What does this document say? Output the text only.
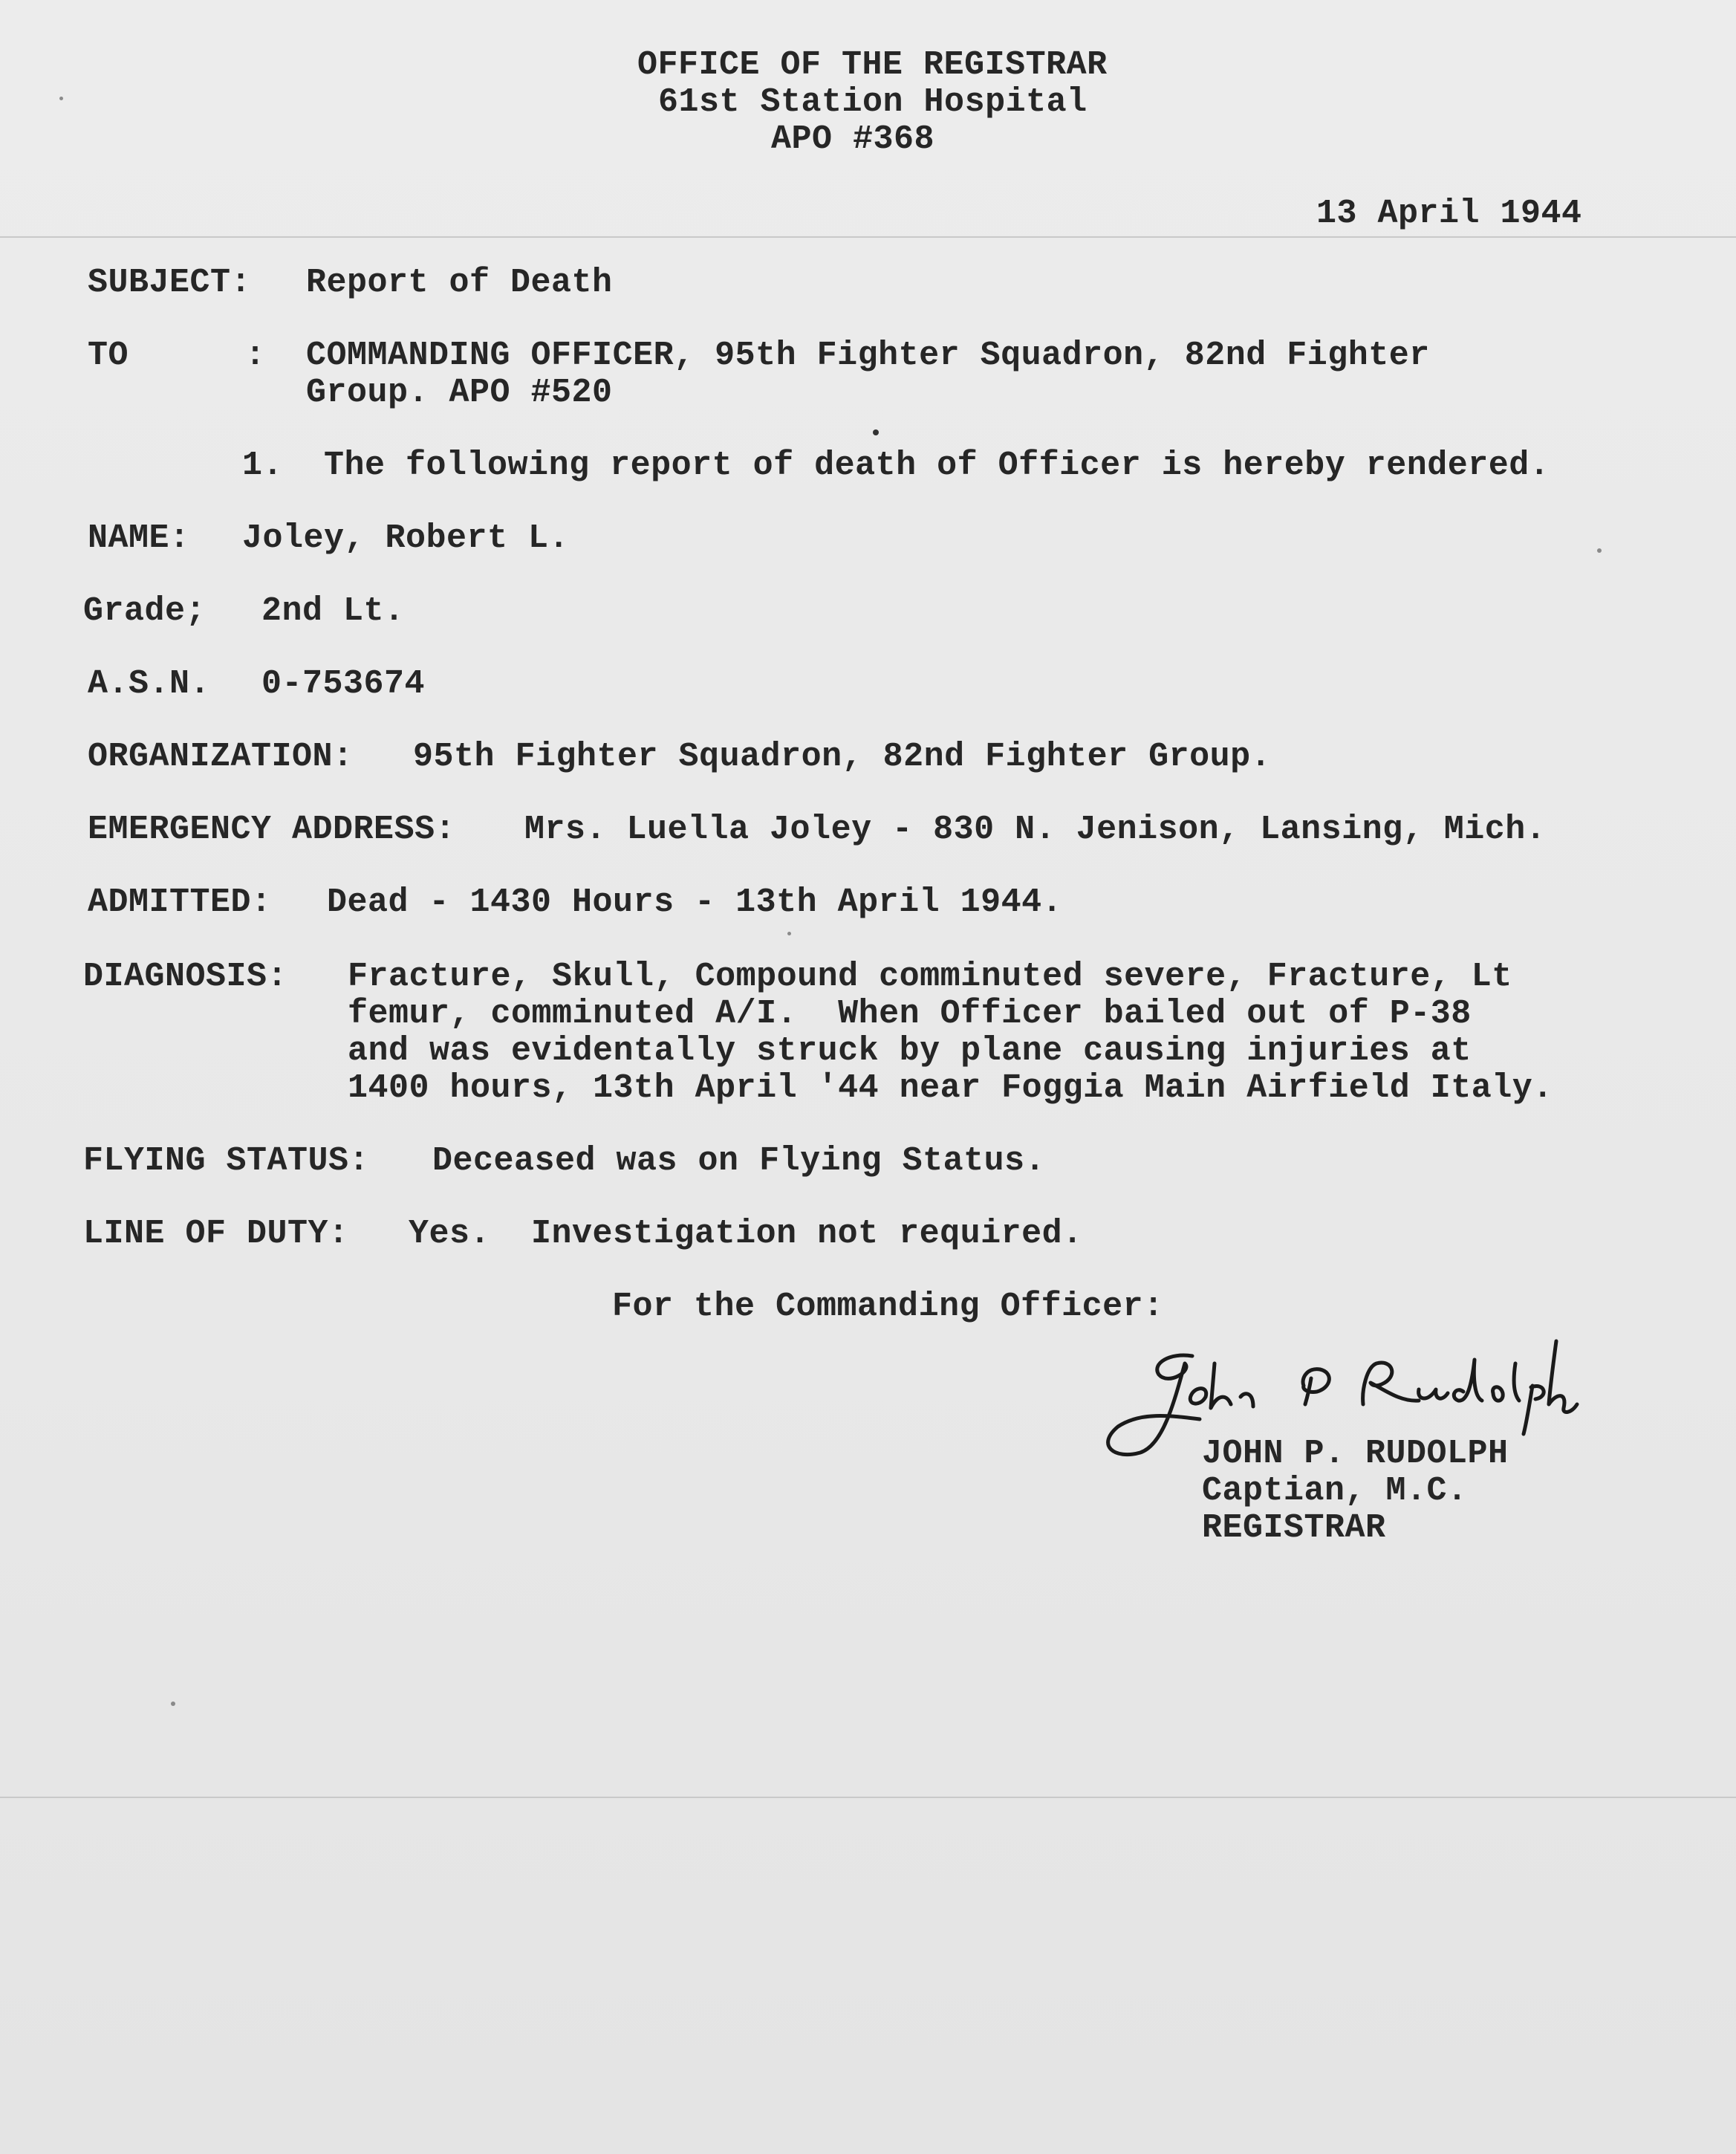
OFFICE OF THE REGISTRAR
61st Station Hospital
APO #368
13 April 1944
SUBJECT: Report of Death
TO	: COMMANDING OFFICER, 95th Fighter Squadron, 82nd Fighter
Group. APO #520
1.  The following report of death of Officer is hereby rendered.
NAME: Joley, Robert L.
Grade; 2nd Lt.
A.S.N. 0-753674
ORGANIZATION: 95th Fighter Squadron, 82nd Fighter Group.
EMERGENCY ADDRESS: Mrs. Luella Joley - 830 N. Jenison, Lansing, Mich.
ADMITTED: Dead - 1430 Hours - 13th April 1944.
DIAGNOSIS: Fracture, Skull, Compound comminuted severe, Fracture, Lt
femur, comminuted A/I.  When Officer bailed out of P-38
and was evidentally struck by plane causing injuries at
1400 hours, 13th April '44 near Foggia Main Airfield Italy.
FLYING STATUS: Deceased was on Flying Status.
LINE OF DUTY: Yes.  Investigation not required.
For the Commanding Officer:
JOHN P. RUDOLPH
Captian, M.C.
REGISTRAR
